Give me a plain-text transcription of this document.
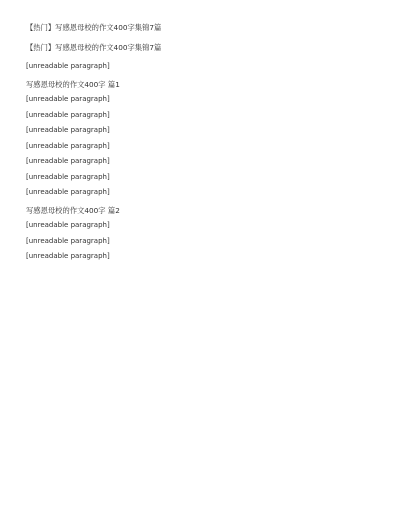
【热门】写感恩母校的作文400字集锦7篇

【热门】写感恩母校的作文400字集锦7篇

[unreadable paragraph]

写感恩母校的作文400字 篇1

[unreadable paragraph]

[unreadable paragraph]

[unreadable paragraph]

[unreadable paragraph]

[unreadable paragraph]

[unreadable paragraph]

[unreadable paragraph]

写感恩母校的作文400字 篇2

[unreadable paragraph]

[unreadable paragraph]

[unreadable paragraph]
